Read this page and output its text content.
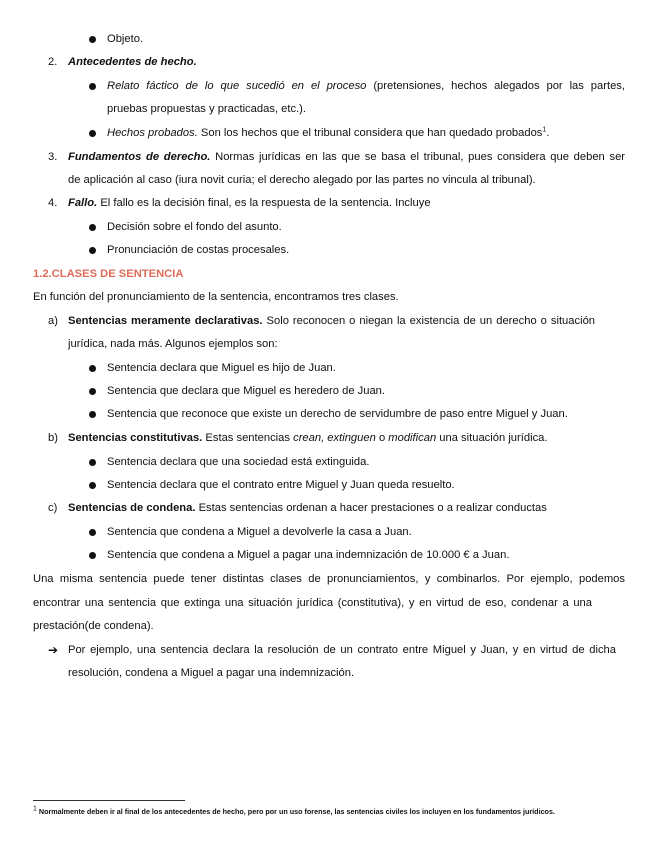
Objeto.
2. Antecedentes de hecho.
Relato fáctico de lo que sucedió en el proceso (pretensiones, hechos alegados por las partes,
pruebas propuestas y practicadas, etc.).
Hechos probados. Son los hechos que el tribunal considera que han quedado probados$^1$.
3. Fundamentos de derecho. Normas jurídicas en las que se basa el tribunal, pues considera que deben ser
de aplicación al caso (iura novit curia; el derecho alegado por las partes no vincula al tribunal).
4. Fallo. El fallo es la decisión final, es la respuesta de la sentencia. Incluye
Decisión sobre el fondo del asunto.
Pronunciación de costas procesales.
1.2.CLASES DE SENTENCIA
En función del pronunciamiento de la sentencia, encontramos tres clases.
a) Sentencias meramente declarativas. Solo reconocen o niegan la existencia de un derecho o situación
jurídica, nada más. Algunos ejemplos son:
Sentencia declara que Miguel es hijo de Juan.
Sentencia que declara que Miguel es heredero de Juan.
Sentencia que reconoce que existe un derecho de servidumbre de paso entre Miguel y Juan.
b) Sentencias constitutivas. Estas sentencias crean, extinguen o modifican una situación jurídica.
Sentencia declara que una sociedad está extinguida.
Sentencia declara que el contrato entre Miguel y Juan queda resuelto.
c) Sentencias de condena. Estas sentencias ordenan a hacer prestaciones o a realizar conductas
Sentencia que condena a Miguel a devolverle la casa a Juan.
Sentencia que condena a Miguel a pagar una indemnización de 10.000 € a Juan.
Una misma sentencia puede tener distintas clases de pronunciamientos, y combinarlos. Por ejemplo, podemos
encontrar una sentencia que extinga una situación jurídica (constitutiva), y en virtud de eso, condenar a una
prestación(de condena).
➔ Por ejemplo, una sentencia declara la resolución de un contrato entre Miguel y Juan, y en virtud de dicha
resolución, condena a Miguel a pagar una indemnización.
$^1$ Normalmente deben ir al final de los antecedentes de hecho, pero por un uso forense, las sentencias civiles los incluyen en los fundamentos jurídicos.
